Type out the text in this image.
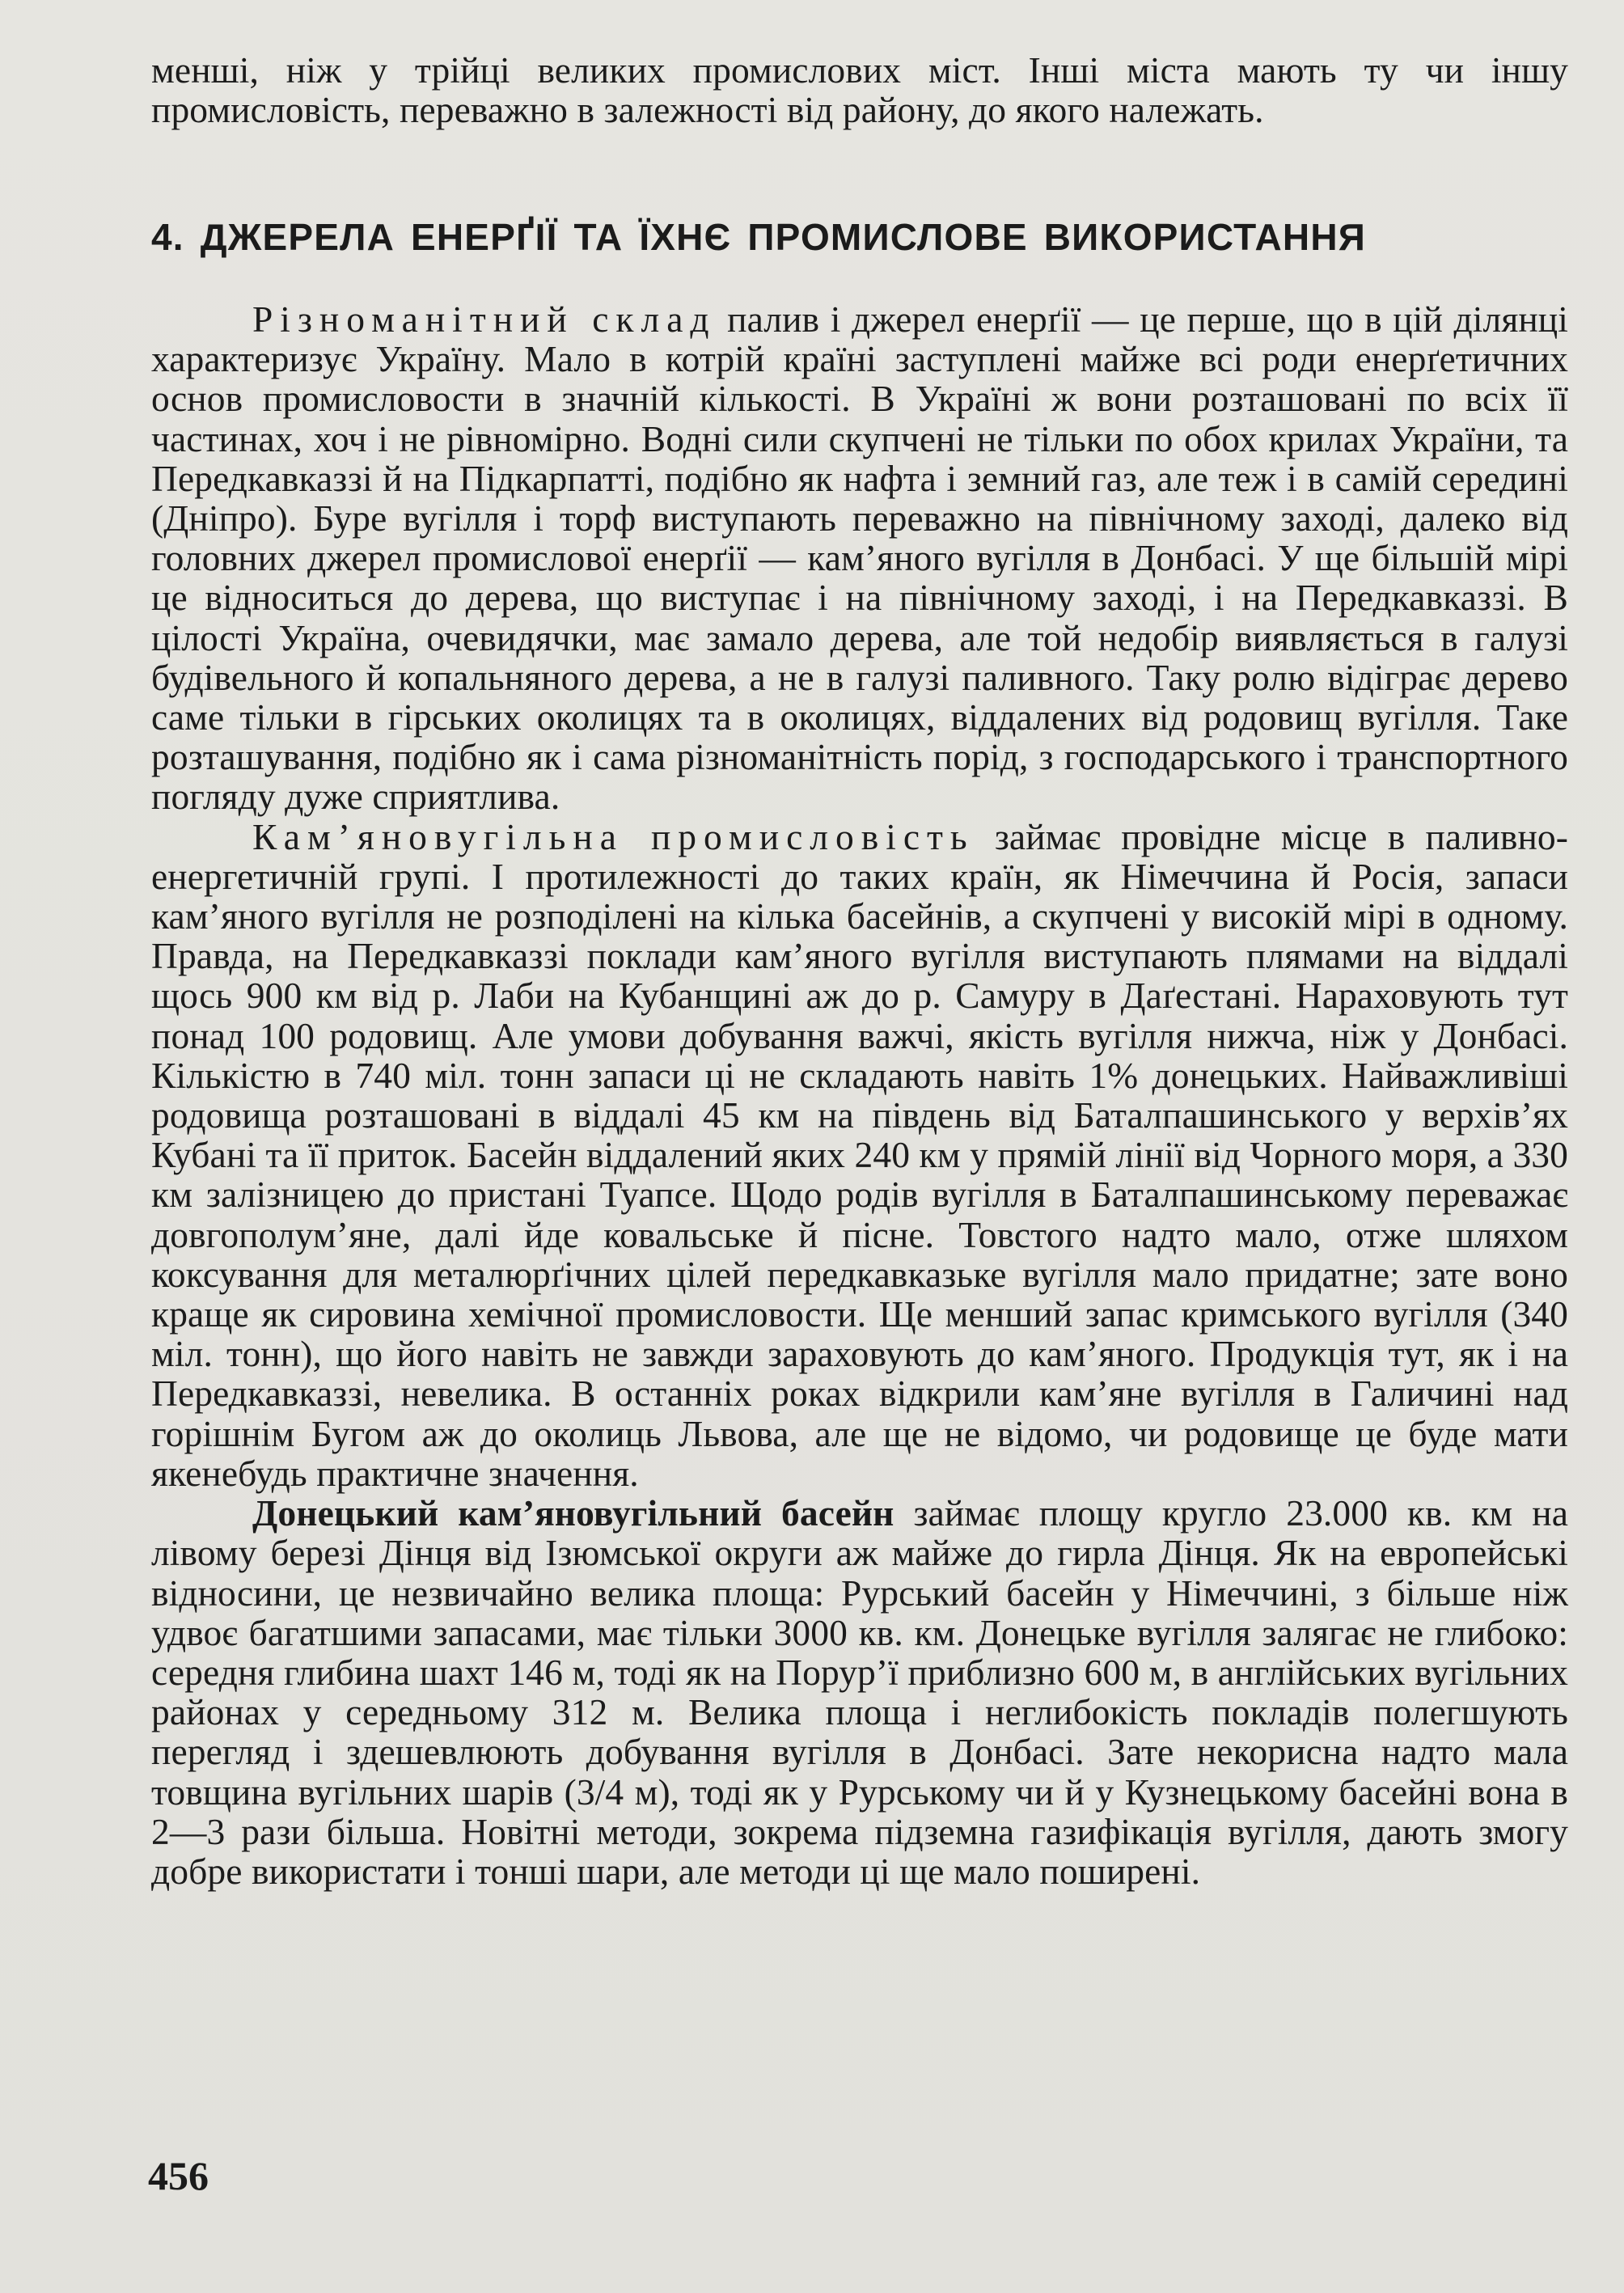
менші, ніж у трійці великих промислових міст. Інші міста мають ту чи іншу промисловість, переважно в залежності від району, до якого належать.

4. ДЖЕРЕЛА ЕНЕРҐІЇ ТА ЇХНЄ ПРОМИСЛОВЕ ВИКОРИСТАННЯ

Різноманітний склад палив і джерел енерґії — це перше, що в цій ділянці характеризує Україну. Мало в котрій країні заступлені майже всі роди енерґетичних основ промисловости в значній кількості. В Україні ж вони розташовані по всіх її частинах, хоч і не рівномірно. Водні сили скупчені не тільки по обох крилах України, та Передкавказзі й на Підкарпатті, подібно як нафта і земний газ, але теж і в самій середині (Дніпро). Буре вугілля і торф виступають переважно на північному заході, далеко від головних джерел промислової енерґії — кам’яного вугілля в Донбасі. У ще більшій мірі це відноситься до дерева, що виступає і на північному заході, і на Передкавказзі. В цілості Україна, очевидячки, має замало дерева, але той недобір виявляється в галузі будівельного й копальняного дерева, а не в галузі паливного. Таку ролю відіграє дерево саме тільки в гірських околицях та в околицях, віддалених від родовищ вугілля. Таке розташування, подібно як і сама різноманітність порід, з господарського і транспортного погляду дуже сприятлива.

Кам’яновугільна промисловість займає провідне місце в паливно-енергетичній групі. І протилежності до таких країн, як Німеччина й Росія, запаси кам’яного вугілля не розподілені на кілька басейнів, а скупчені у високій мірі в одному. Правда, на Передкавказзі поклади кам’яного вугілля виступають плямами на віддалі щось 900 км від р. Лаби на Кубанщині аж до р. Самуру в Даґестані. Нараховують тут понад 100 родовищ. Але умови добування важчі, якість вугілля нижча, ніж у Донбасі. Кількістю в 740 міл. тонн запаси ці не складають навіть 1% донецьких. Найважливіші родовища розташовані в віддалі 45 км на південь від Баталпашинського у верхів’ях Кубані та її приток. Басейн віддалений яких 240 км у прямій лінії від Чорного моря, а 330 км залізницею до пристані Туапсе. Щодо родів вугілля в Баталпашинському переважає довгополум’яне, далі йде ковальське й пісне. Товстого надто мало, отже шляхом коксування для металюрґічних цілей передкавказьке вугілля мало придатне; зате воно краще як сировина хемічної промисловости. Ще менший запас кримського вугілля (340 міл. тонн), що його навіть не завжди зараховують до кам’яного. Продукція тут, як і на Передкавказзі, невелика. В останніх роках відкрили кам’яне вугілля в Галичині над горішнім Бугом аж до околиць Львова, але ще не відомо, чи родовище це буде мати якенебудь практичне значення.

Донецький кам’яновугільний басейн займає площу круглo 23.000 кв. км на лівому березі Дінця від Ізюмської округи аж майже до гирла Дінця. Як на европейські відносини, це незвичайно велика площа: Рурський басейн у Німеччині, з більше ніж удвоє багатшими запасами, має тільки 3000 кв. км. Донецьке вугілля залягає не глибоко: середня глибина шахт 146 м, тоді як на Порур’ї приблизно 600 м, в англійських вугільних районах у середньому 312 м. Велика площа і неглибокість покладів полегшують перегляд і здешевлюють добування вугілля в Донбасі. Зате некорисна надто мала товщина вугільних шарів (3/4 м), тоді як у Рурському чи й у Кузнецькому басейні вона в 2—3 рази більша. Новітні методи, зокрема підземна газифікація вугілля, дають змогу добре використати і тонші шари, але методи ці ще мало поширені.

456
